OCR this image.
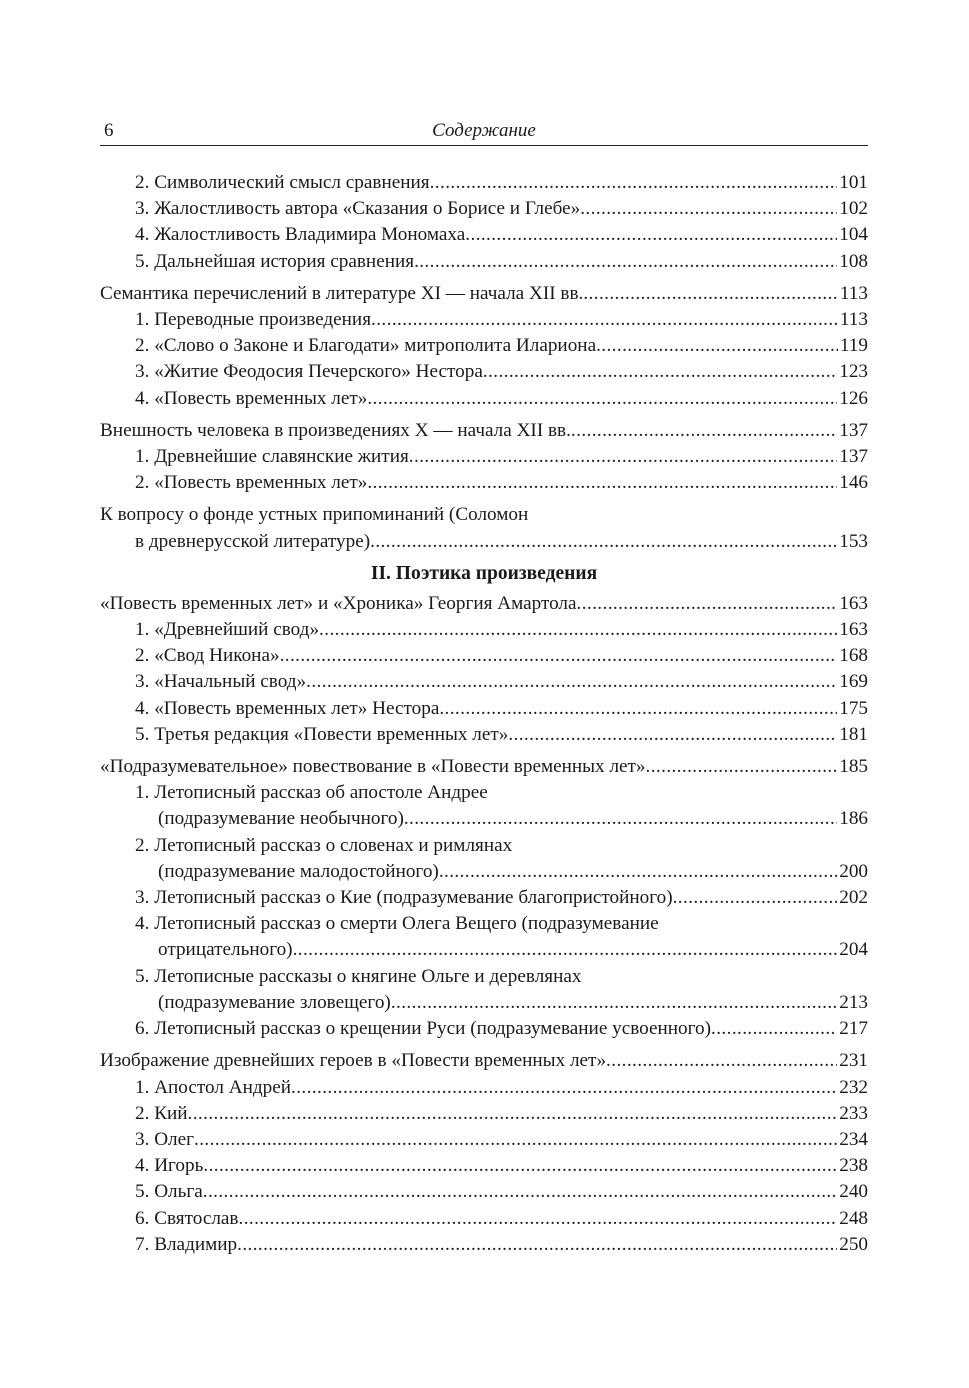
6	Содержание
2. Символический смысл сравнения .....	101
3. Жалостливость автора «Сказания о Борисе и Глебе» .....	102
4. Жалостливость Владимира Мономаха .....	104
5. Дальнейшая история сравнения .....	108
Семантика перечислений в литературе XI — начала XII вв. .....	113
1. Переводные произведения .....	113
2. «Слово о Законе и Благодати» митрополита Илариона .....	119
3. «Житие Феодосия Печерского» Нестора .....	123
4. «Повесть временных лет» .....	126
Внешность человека в произведениях X — начала XII вв. .....	137
1. Древнейшие славянские жития .....	137
2. «Повесть временных лет» .....	146
К вопросу о фонде устных припоминаний (Соломон
в древнерусской литературе) .....	153
II. Поэтика произведения
«Повесть временных лет» и «Хроника» Георгия Амартола .....	163
1. «Древнейший свод» .....	163
2. «Свод Никона» .....	168
3. «Начальный свод» .....	169
4. «Повесть временных лет» Нестора .....	175
5. Третья редакция «Повести временных лет» .....	181
«Подразумевательное» повествование в «Повести временных лет» .....	185
1. Летописный рассказ об апостоле Андрее
(подразумевание необычного) .....	186
2. Летописный рассказ о словенах и римлянах
(подразумевание малодостойного) .....	200
3. Летописный рассказ о Кие (подразумевание благопристойного) .....	202
4. Летописный рассказ о смерти Олега Вещего (подразумевание
отрицательного) .....	204
5. Летописные рассказы о княгине Ольге и деревлянах
(подразумевание зловещего) .....	213
6. Летописный рассказ о крещении Руси (подразумевание усвоенного) .....	217
Изображение древнейших героев в «Повести временных лет» .....	231
1. Апостол Андрей .....	232
2. Кий .....	233
3. Олег .....	234
4. Игорь .....	238
5. Ольга .....	240
6. Святослав .....	248
7. Владимир .....	250
